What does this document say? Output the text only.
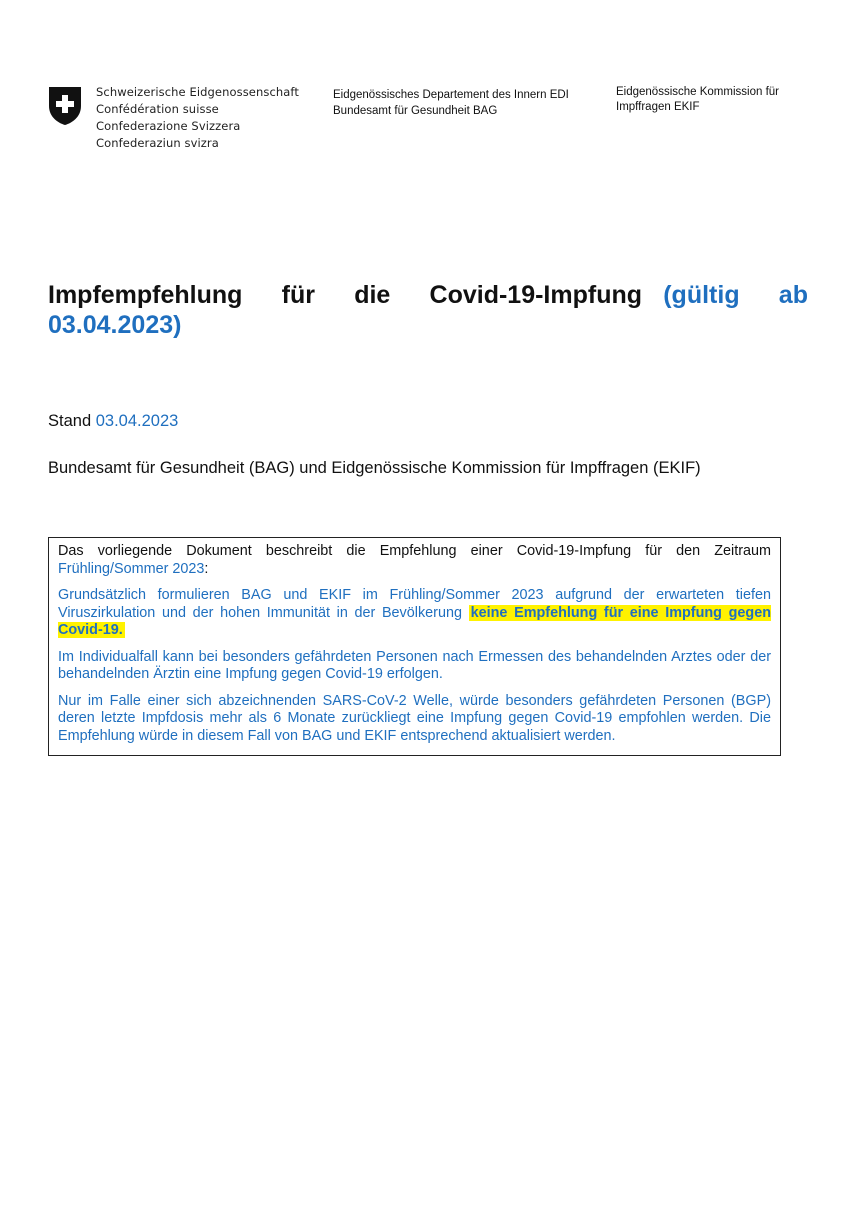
Schweizerische Eidgenossenschaft
Confédération suisse
Confederazione Svizzera
Confederaziun svizra
Eidgenössisches Departement des Innern EDI
Bundesamt für Gesundheit BAG
Eidgenössische Kommission für Impffragen EKIF
Impfempfehlung für die Covid-19-Impfung (gültig ab 03.04.2023)
Stand 03.04.2023
Bundesamt für Gesundheit (BAG) und Eidgenössische Kommission für Impffragen (EKIF)

Das vorliegende Dokument beschreibt die Empfehlung einer Covid-19-Impfung für den Zeitraum Frühling/Sommer 2023:

Grundsätzlich formulieren BAG und EKIF im Frühling/Sommer 2023 aufgrund der erwarteten tiefen Viruszirkulation und der hohen Immunität in der Bevölkerung keine Empfehlung für eine Impfung gegen Covid-19.

Im Individualfall kann bei besonders gefährdeten Personen nach Ermessen des behandelnden Arztes oder der behandelnden Ärztin eine Impfung gegen Covid-19 erfolgen.

Nur im Falle einer sich abzeichnenden SARS-CoV-2 Welle, würde besonders gefährdeten Personen (BGP) deren letzte Impfdosis mehr als 6 Monate zurückliegt eine Impfung gegen Covid-19 empfohlen werden. Die Empfehlung würde in diesem Fall von BAG und EKIF entsprechend aktualisiert werden.
